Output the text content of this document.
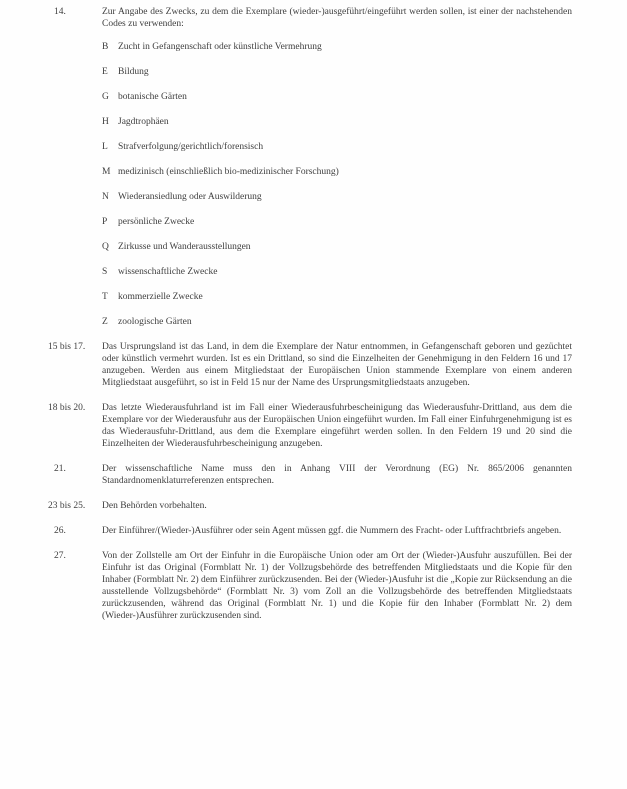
14.	Zur Angabe des Zwecks, zu dem die Exemplare (wieder-)ausgeführt/eingeführt werden sollen, ist einer der nachstehenden Codes zu verwenden:
B	Zucht in Gefangenschaft oder künstliche Vermehrung
E	Bildung
G botanische Gärten
H Jagdtrophäen
L	Strafverfolgung/gerichtlich/forensisch
M medizinisch (einschließlich bio-medizinischer Forschung)
N Wiederansiedlung oder Auswilderung
P	persönliche Zwecke
Q Zirkusse und Wanderausstellungen
S	wissenschaftliche Zwecke
T	kommerzielle Zwecke
Z	zoologische Gärten
15 bis 17.	Das Ursprungsland ist das Land, in dem die Exemplare der Natur entnommen, in Gefangenschaft geboren und gezüchtet oder künstlich vermehrt wurden. Ist es ein Drittland, so sind die Einzelheiten der Genehmigung in den Feldern 16 und 17 anzugeben. Werden aus einem Mitgliedstaat der Europäischen Union stammende Exemplare von einem anderen Mitgliedstaat ausgeführt, so ist in Feld 15 nur der Name des Ursprungsmitgliedstaats anzugeben.
18 bis 20.	Das letzte Wiederausfuhrland ist im Fall einer Wiederausfuhrbescheinigung das Wiederausfuhr-Drittland, aus dem die Exemplare vor der Wiederausfuhr aus der Europäischen Union eingeführt wurden. Im Fall einer Einfuhrgenehmigung ist es das Wiederausfuhr-Drittland, aus dem die Exemplare eingeführt werden sollen. In den Feldern 19 und 20 sind die Einzelheiten der Wiederausfuhrbescheinigung anzugeben.
21.	Der wissenschaftliche Name muss den in Anhang VIII der Verordnung (EG) Nr. 865/2006 genannten Standardnomenklaturreferenzen entsprechen.
23 bis 25.	Den Behörden vorbehalten.
26.	Der Einführer/(Wieder-)Ausführer oder sein Agent müssen ggf. die Nummern des Fracht- oder Luftfrachtbriefs angeben.
27.	Von der Zollstelle am Ort der Einfuhr in die Europäische Union oder am Ort der (Wieder-)Ausfuhr auszufüllen. Bei der Einfuhr ist das Original (Formblatt Nr. 1) der Vollzugsbehörde des betreffenden Mitgliedstaats und die Kopie für den Inhaber (Formblatt Nr. 2) dem Einführer zurückzusenden. Bei der (Wieder-)Ausfuhr ist die „Kopie zur Rücksendung an die ausstellende Vollzugsbehörde“ (Formblatt Nr. 3) vom Zoll an die Vollzugsbehörde des betreffenden Mitgliedstaats zurückzusenden, während das Original (Formblatt Nr. 1) und die Kopie für den Inhaber (Formblatt Nr. 2) dem (Wieder-)Ausführer zurückzusenden sind.
